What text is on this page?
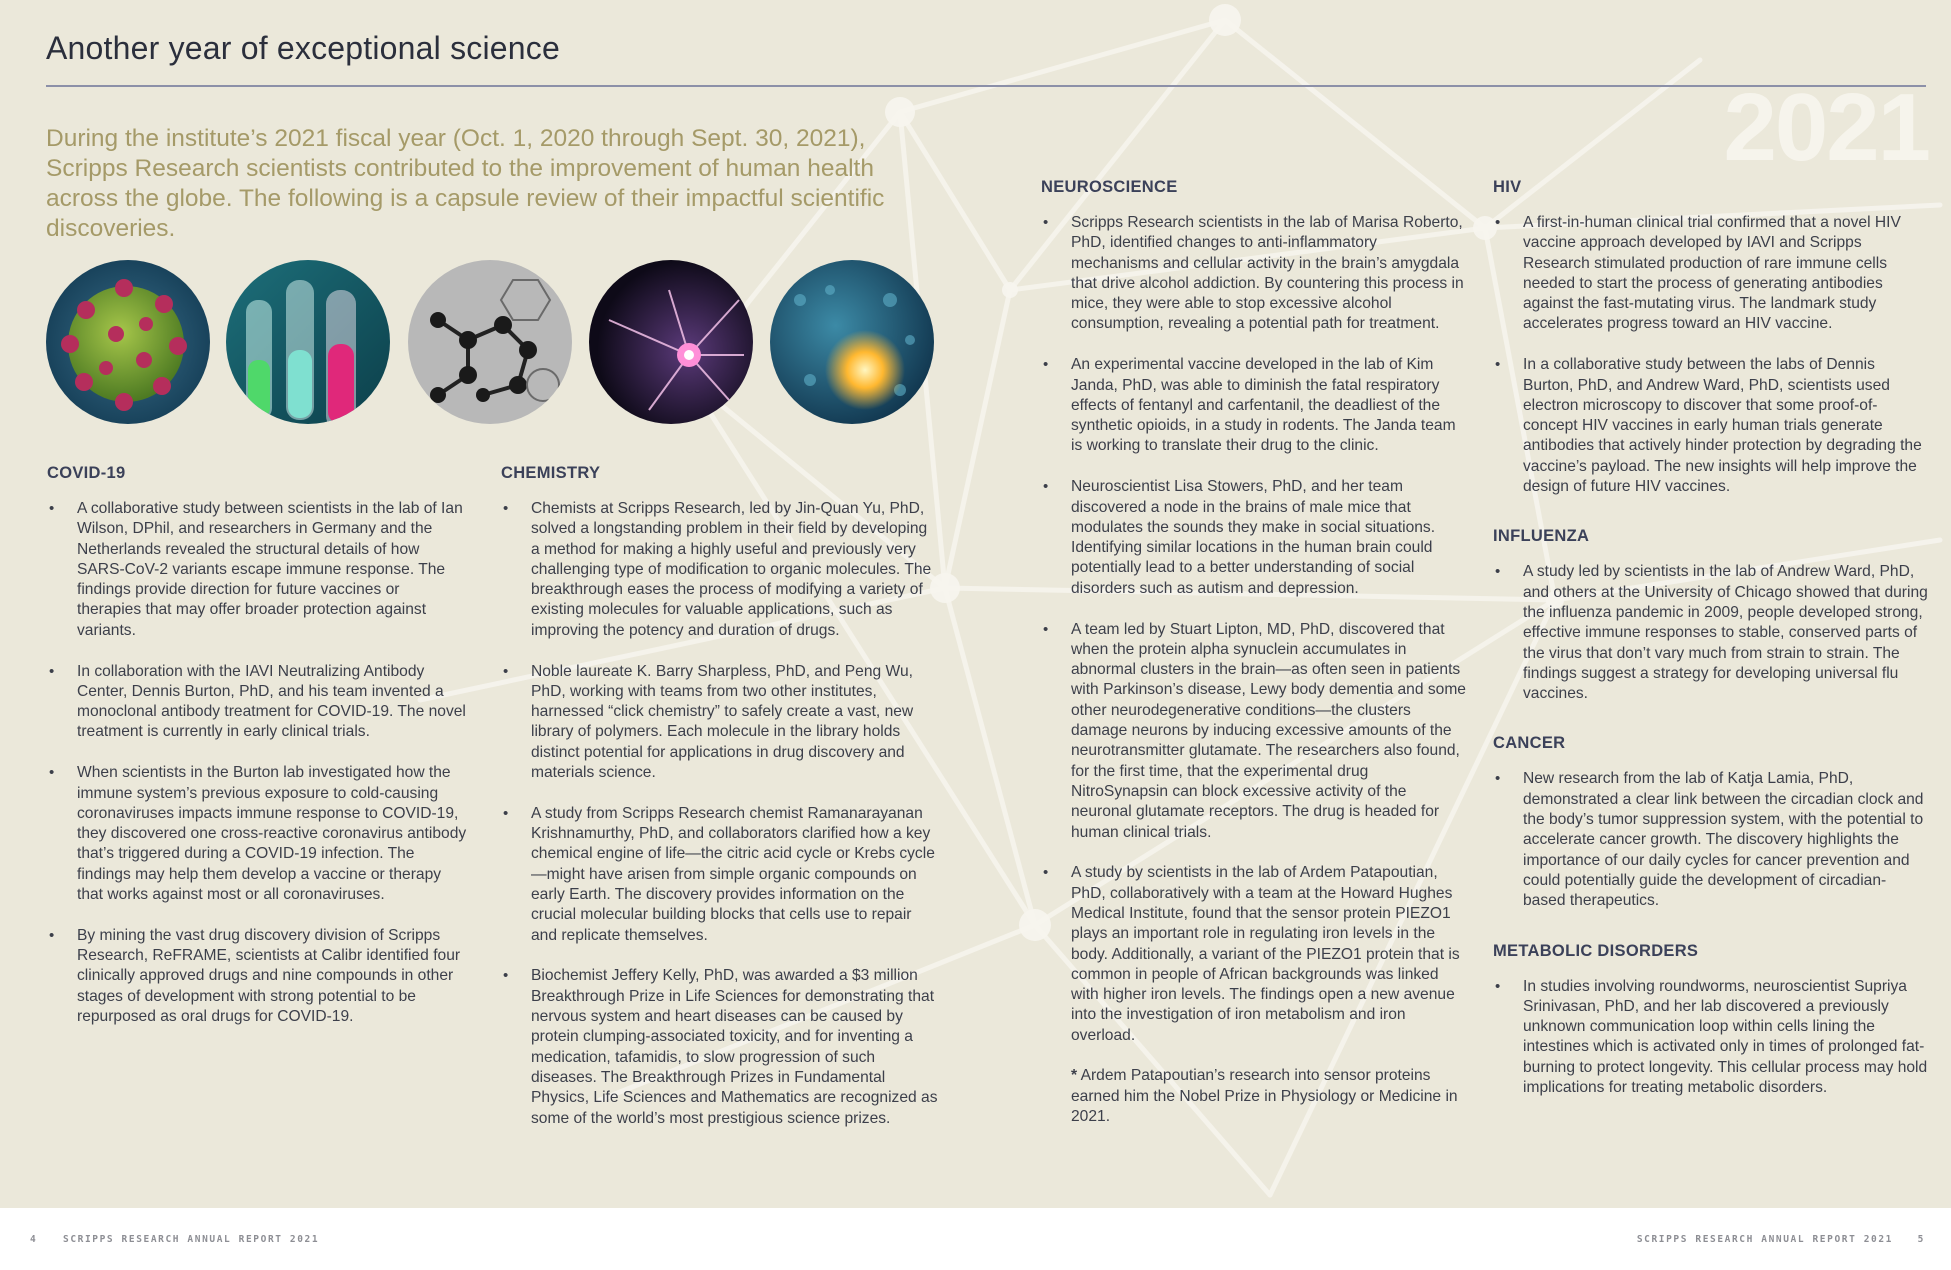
Another year of exceptional science
2021

During the institute’s 2021 fiscal year (Oct. 1, 2020 through Sept. 30, 2021), Scripps Research scientists contributed to the improvement of human health across the globe. The following is a capsule review of their impactful scientific discoveries.

COVID-19
• A collaborative study between scientists in the lab of Ian Wilson, DPhil, and researchers in Germany and the Netherlands revealed the structural details of how SARS-CoV-2 variants escape immune response. The findings provide direction for future vaccines or therapies that may offer broader protection against variants.
• In collaboration with the IAVI Neutralizing Antibody Center, Dennis Burton, PhD, and his team invented a monoclonal antibody treatment for COVID-19. The novel treatment is currently in early clinical trials.
• When scientists in the Burton lab investigated how the immune system’s previous exposure to cold-causing coronaviruses impacts immune response to COVID-19, they discovered one cross-reactive coronavirus antibody that’s triggered during a COVID-19 infection. The findings may help them develop a vaccine or therapy that works against most or all coronaviruses.
• By mining the vast drug discovery division of Scripps Research, ReFRAME, scientists at Calibr identified four clinically approved drugs and nine compounds in other stages of development with strong potential to be repurposed as oral drugs for COVID-19.
CHEMISTRY
• Chemists at Scripps Research, led by Jin-Quan Yu, PhD, solved a longstanding problem in their field by developing a method for making a highly useful and previously very challenging type of modification to organic molecules. The breakthrough eases the process of modifying a variety of existing molecules for valuable applications, such as improving the potency and duration of drugs.
• Noble laureate K. Barry Sharpless, PhD, and Peng Wu, PhD, working with teams from two other institutes, harnessed “click chemistry” to safely create a vast, new library of polymers. Each molecule in the library holds distinct potential for applications in drug discovery and materials science.
• A study from Scripps Research chemist Ramanarayanan Krishnamurthy, PhD, and collaborators clarified how a key chemical engine of life—the citric acid cycle or Krebs cycle—might have arisen from simple organic compounds on early Earth. The discovery provides information on the crucial molecular building blocks that cells use to repair and replicate themselves.
• Biochemist Jeffery Kelly, PhD, was awarded a $3 million Breakthrough Prize in Life Sciences for demonstrating that nervous system and heart diseases can be caused by protein clumping-associated toxicity, and for inventing a medication, tafamidis, to slow progression of such diseases. The Breakthrough Prizes in Fundamental Physics, Life Sciences and Mathematics are recognized as some of the world’s most prestigious science prizes.
NEUROSCIENCE
• Scripps Research scientists in the lab of Marisa Roberto, PhD, identified changes to anti-inflammatory mechanisms and cellular activity in the brain’s amygdala that drive alcohol addiction. By countering this process in mice, they were able to stop excessive alcohol consumption, revealing a potential path for treatment.
• An experimental vaccine developed in the lab of Kim Janda, PhD, was able to diminish the fatal respiratory effects of fentanyl and carfentanil, the deadliest of the synthetic opioids, in a study in rodents. The Janda team is working to translate their drug to the clinic.
• Neuroscientist Lisa Stowers, PhD, and her team discovered a node in the brains of male mice that modulates the sounds they make in social situations. Identifying similar locations in the human brain could potentially lead to a better understanding of social disorders such as autism and depression.
• A team led by Stuart Lipton, MD, PhD, discovered that when the protein alpha synuclein accumulates in abnormal clusters in the brain—as often seen in patients with Parkinson’s disease, Lewy body dementia and some other neurodegenerative conditions—the clusters damage neurons by inducing excessive amounts of the neurotransmitter glutamate. The researchers also found, for the first time, that the experimental drug NitroSynapsin can block excessive activity of the neuronal glutamate receptors. The drug is headed for human clinical trials.
• A study by scientists in the lab of Ardem Patapoutian, PhD, collaboratively with a team at the Howard Hughes Medical Institute, found that the sensor protein PIEZO1 plays an important role in regulating iron levels in the body. Additionally, a variant of the PIEZO1 protein that is common in people of African backgrounds was linked with higher iron levels. The findings open a new avenue into the investigation of iron metabolism and iron overload.

* Ardem Patapoutian’s research into sensor proteins earned him the Nobel Prize in Physiology or Medicine in 2021.

HIV
• A first-in-human clinical trial confirmed that a novel HIV vaccine approach developed by IAVI and Scripps Research stimulated production of rare immune cells needed to start the process of generating antibodies against the fast-mutating virus. The landmark study accelerates progress toward an HIV vaccine.
• In a collaborative study between the labs of Dennis Burton, PhD, and Andrew Ward, PhD, scientists used electron microscopy to discover that some proof-of-concept HIV vaccines in early human trials generate antibodies that actively hinder protection by degrading the vaccine’s payload. The new insights will help improve the design of future HIV vaccines.
INFLUENZA
• A study led by scientists in the lab of Andrew Ward, PhD, and others at the University of Chicago showed that during the influenza pandemic in 2009, people developed strong, effective immune responses to stable, conserved parts of the virus that don’t vary much from strain to strain. The findings suggest a strategy for developing universal flu vaccines.
CANCER
• New research from the lab of Katja Lamia, PhD, demonstrated a clear link between the circadian clock and the body’s tumor suppression system, with the potential to accelerate cancer growth. The discovery highlights the importance of our daily cycles for cancer prevention and could potentially guide the development of circadian-based therapeutics.
METABOLIC DISORDERS
• In studies involving roundworms, neuroscientist Supriya Srinivasan, PhD, and her lab discovered a previously unknown communication loop within cells lining the intestines which is activated only in times of prolonged fat-burning to protect longevity. This cellular process may hold implications for treating metabolic disorders.
4	SCRIPPS RESEARCH ANNUAL REPORT 2021	SCRIPPS RESEARCH ANNUAL REPORT 2021	5
